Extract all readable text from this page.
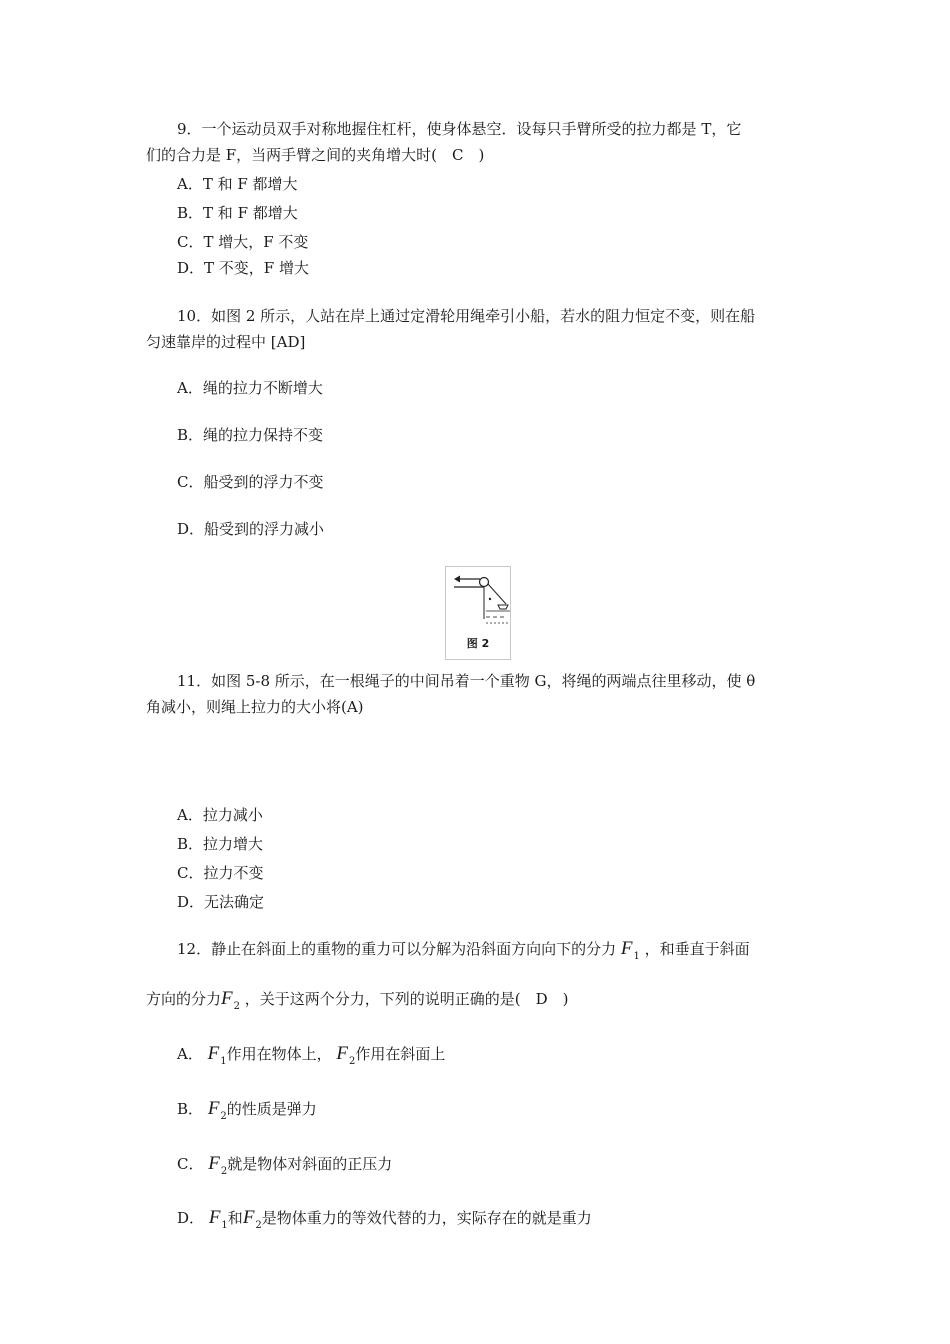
9．一个运动员双手对称地握住杠杆，使身体悬空．设每只手臂所受的拉力都是 T，它
们的合力是 F，当两手臂之间的夹角增大时(　C　)
A．T 和 F 都增大
B．T 和 F 都增大
C．T 增大，F 不变
D．T 不变，F 增大
10．如图 2 所示，人站在岸上通过定滑轮用绳牵引小船，若水的阻力恒定不变，则在船
匀速靠岸的过程中 [AD]
A．绳的拉力不断增大
B．绳的拉力保持不变
C．船受到的浮力不变
D．船受到的浮力减小
图 2
11．如图 5-8 所示，在一根绳子的中间吊着一个重物 G，将绳的两端点往里移动，使 θ
角减小，则绳上拉力的大小将(A)
A．拉力减小
B．拉力增大
C．拉力不变
D．无法确定
12．静止在斜面上的重物的重力可以分解为沿斜面方向向下的分力 $F_1$ ，和垂直于斜面
方向的分力$F_2$ ，关于这两个分力，下列的说明正确的是(　D　)
A． $F_1$作用在物体上， $F_2$作用在斜面上
B． $F_2$的性质是弹力
C． $F_2$就是物体对斜面的正压力
D． $F_1$和$F_2$是物体重力的等效代替的力，实际存在的就是重力
